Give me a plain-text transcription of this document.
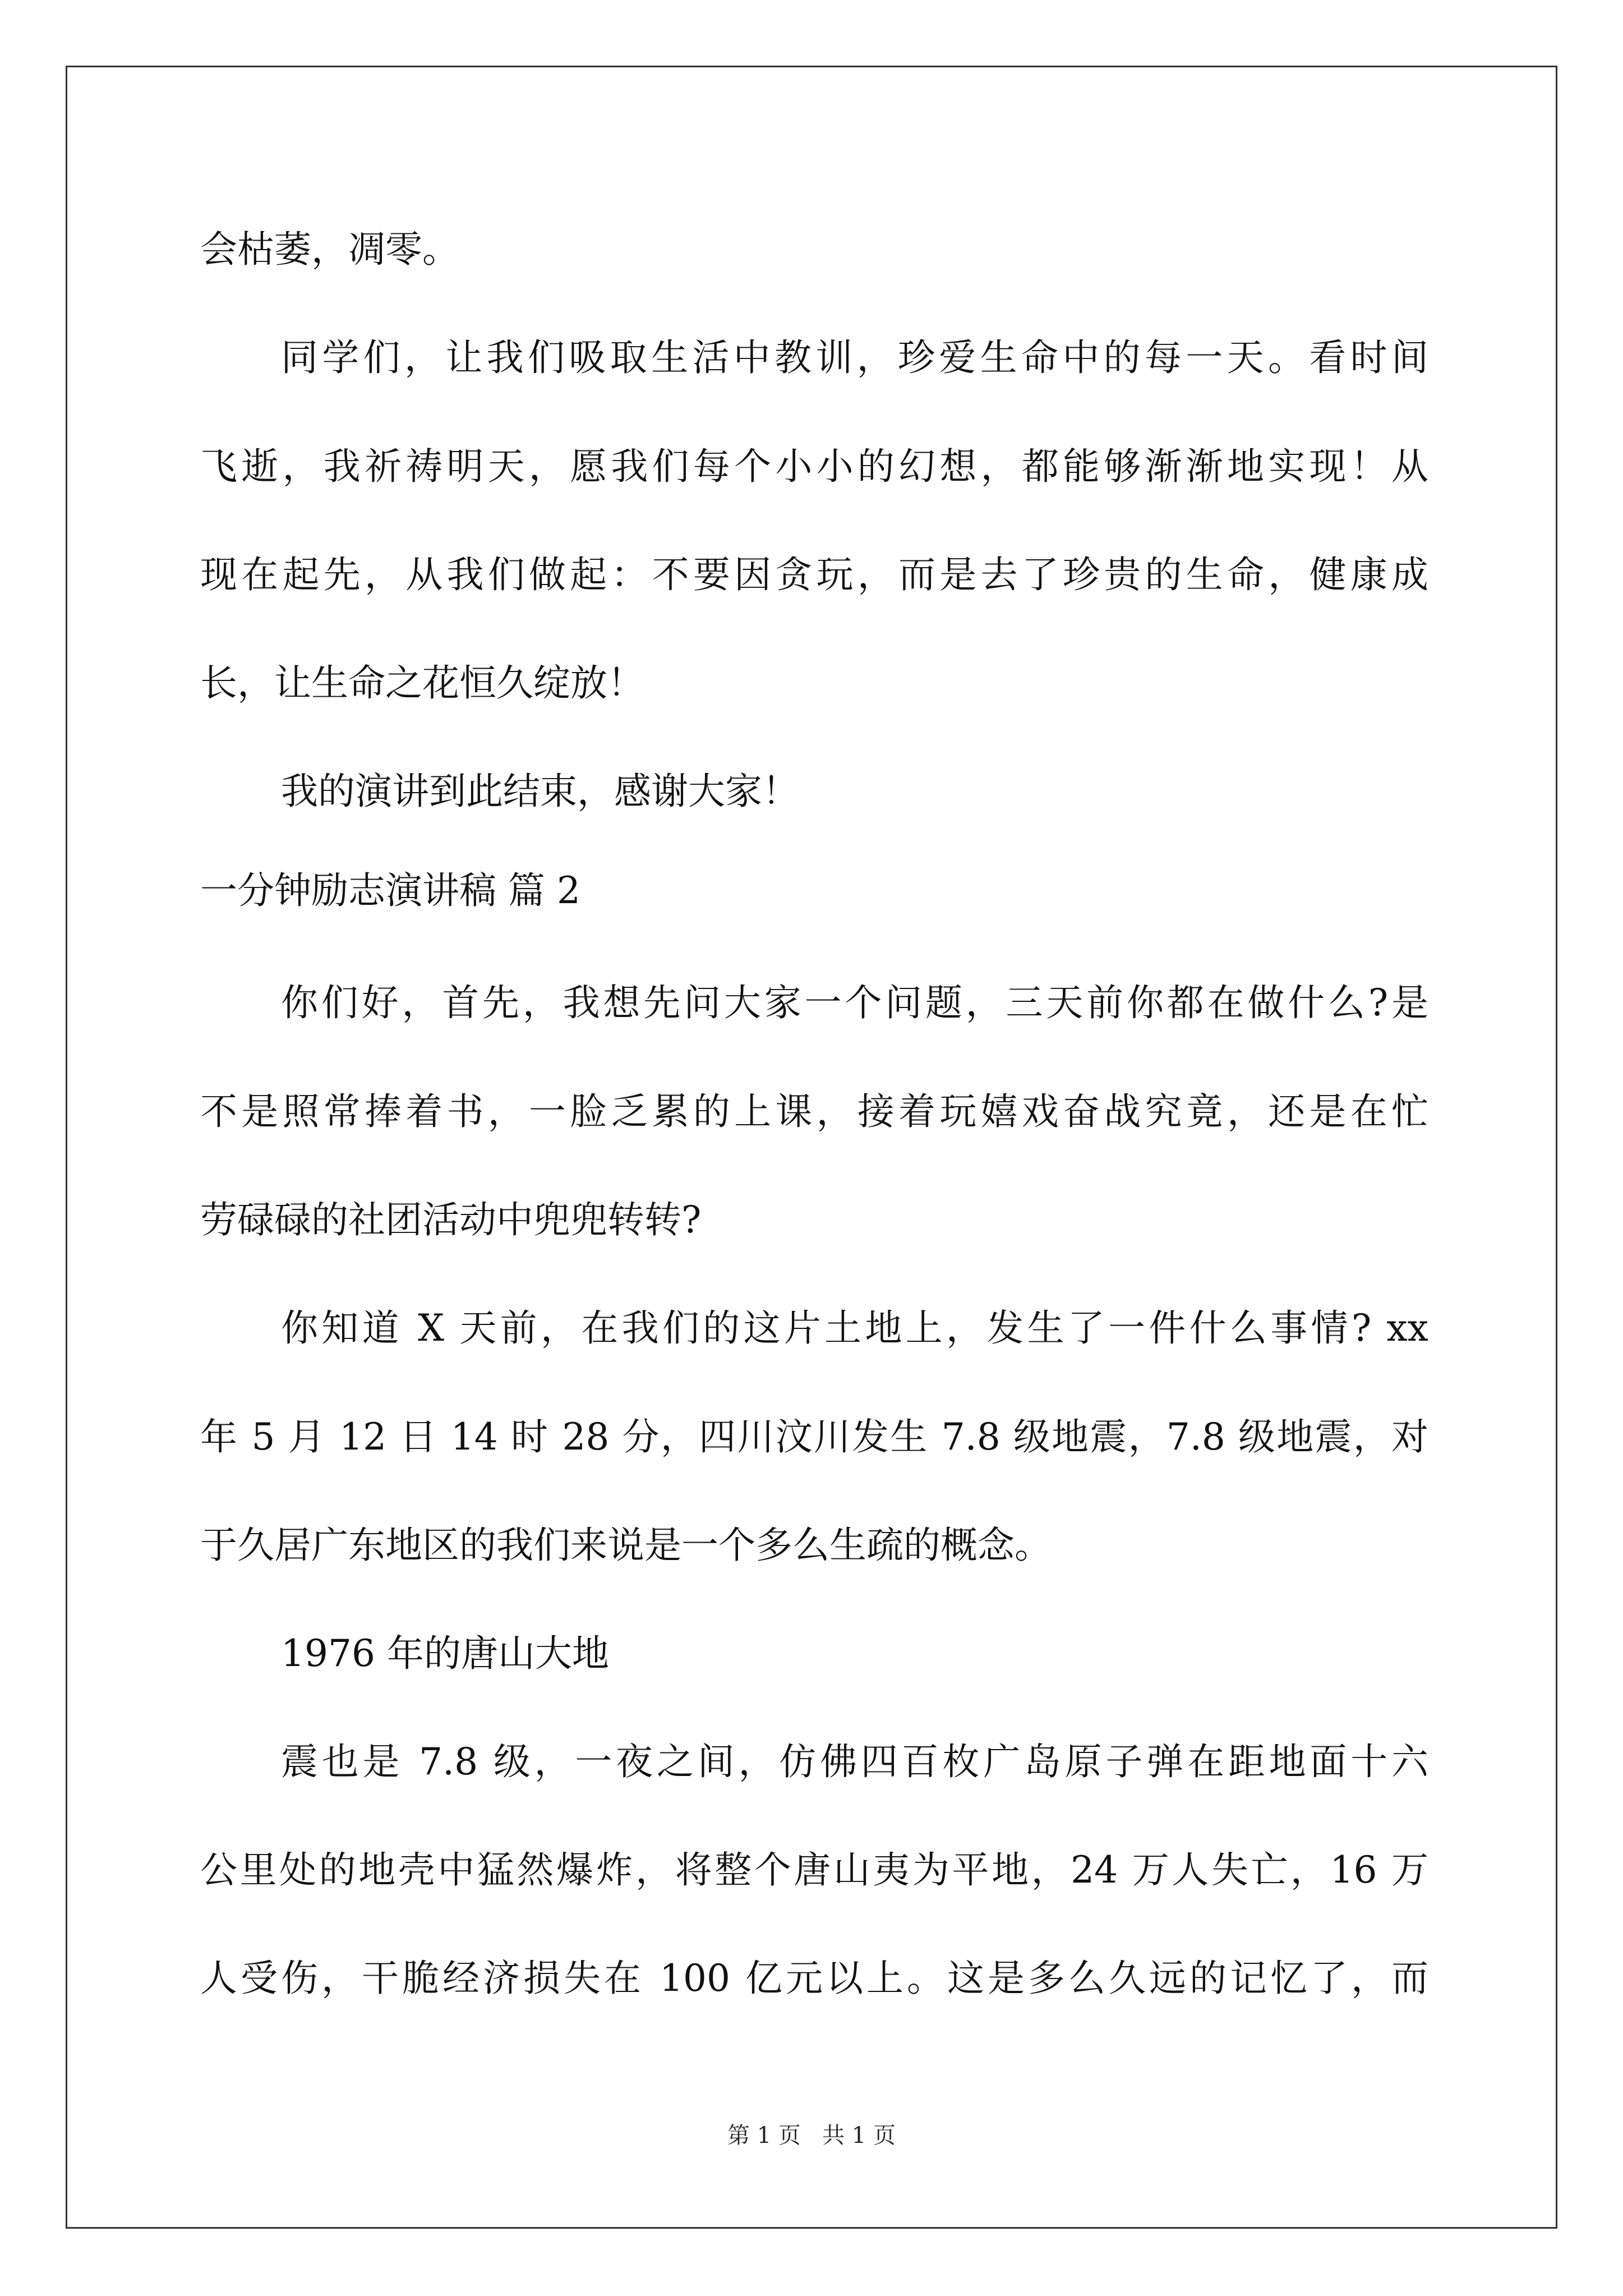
会枯萎，凋零。
同学们，让我们吸取生活中教训，珍爱生命中的每一天。看时间
飞逝，我祈祷明天，愿我们每个小小的幻想，都能够渐渐地实现！从
现在起先，从我们做起：不要因贪玩，而是去了珍贵的生命，健康成
长，让生命之花恒久绽放！
我的演讲到此结束，感谢大家！
一分钟励志演讲稿 篇 2
你们好，首先，我想先问大家一个问题，三天前你都在做什么?是
不是照常捧着书，一脸乏累的上课，接着玩嬉戏奋战究竟，还是在忙
劳碌碌的社团活动中兜兜转转?
你知道 X 天前，在我们的这片土地上，发生了一件什么事情? xx
年 5 月 12 日 14 时 28 分，四川汶川发生 7.8 级地震，7.8 级地震，对
于久居广东地区的我们来说是一个多么生疏的概念。
1976 年的唐山大地
震也是 7.8 级，一夜之间，仿佛四百枚广岛原子弹在距地面十六
公里处的地壳中猛然爆炸，将整个唐山夷为平地，24 万人失亡，16 万
人受伤，干脆经济损失在 100 亿元以上。这是多么久远的记忆了，而
第 1 页   共 1 页
